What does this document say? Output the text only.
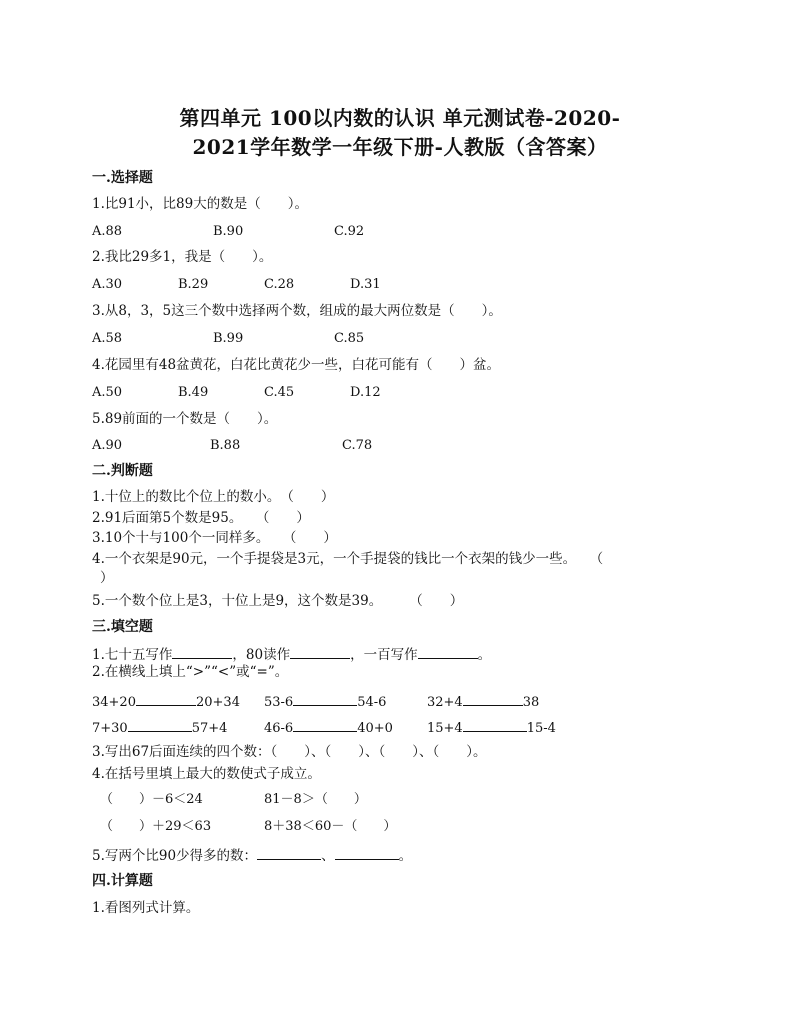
第四单元 100以内数的认识 单元测试卷-2020-
2021学年数学一年级下册-人教版（含答案）
一.选择题
1.比91小，比89大的数是（　　）。
A.88	B.90	C.92
2.我比29多1，我是（　　）。
A.30	B.29	C.28	D.31
3.从8，3，5这三个数中选择两个数，组成的最大两位数是（　　）。
A.58	B.99	C.85
4.花园里有48盆黄花，白花比黄花少一些，白花可能有（　　）盆。
A.50	B.49	C.45	D.12
5.89前面的一个数是（　　）。
A.90	B.88	C.78
二.判断题
1.十位上的数比个位上的数小。　（　　）
2.91后面第5个数是95。　　（　　）
3.10个十与100个一同样多。　　（　　）
4.一个衣架是90元，一个手提袋是3元，一个手提袋的钱比一个衣架的钱少一些。　　（
）
5.一个数个位上是3，十位上是9，这个数是39。　　　（　　）
三.填空题
1.七十五写作	，80读作	，一百写作	。
2.在横线上填上“>”“<”或“=”。
34+20	20+34 53-6	54-6	32+4	38
7+30	57+4	46-6	40+0	15+4	15-4
3.写出67后面连续的四个数：（　　）、（　　）、（　　）、（　　）。
4.在括号里填上最大的数使式子成立。
（　　）－6＜24	81－8＞（　　）
（　　）＋29＜63	8＋38＜60－（　　）
5.写两个比90少得多的数：	、	。
四.计算题
1.看图列式计算。
